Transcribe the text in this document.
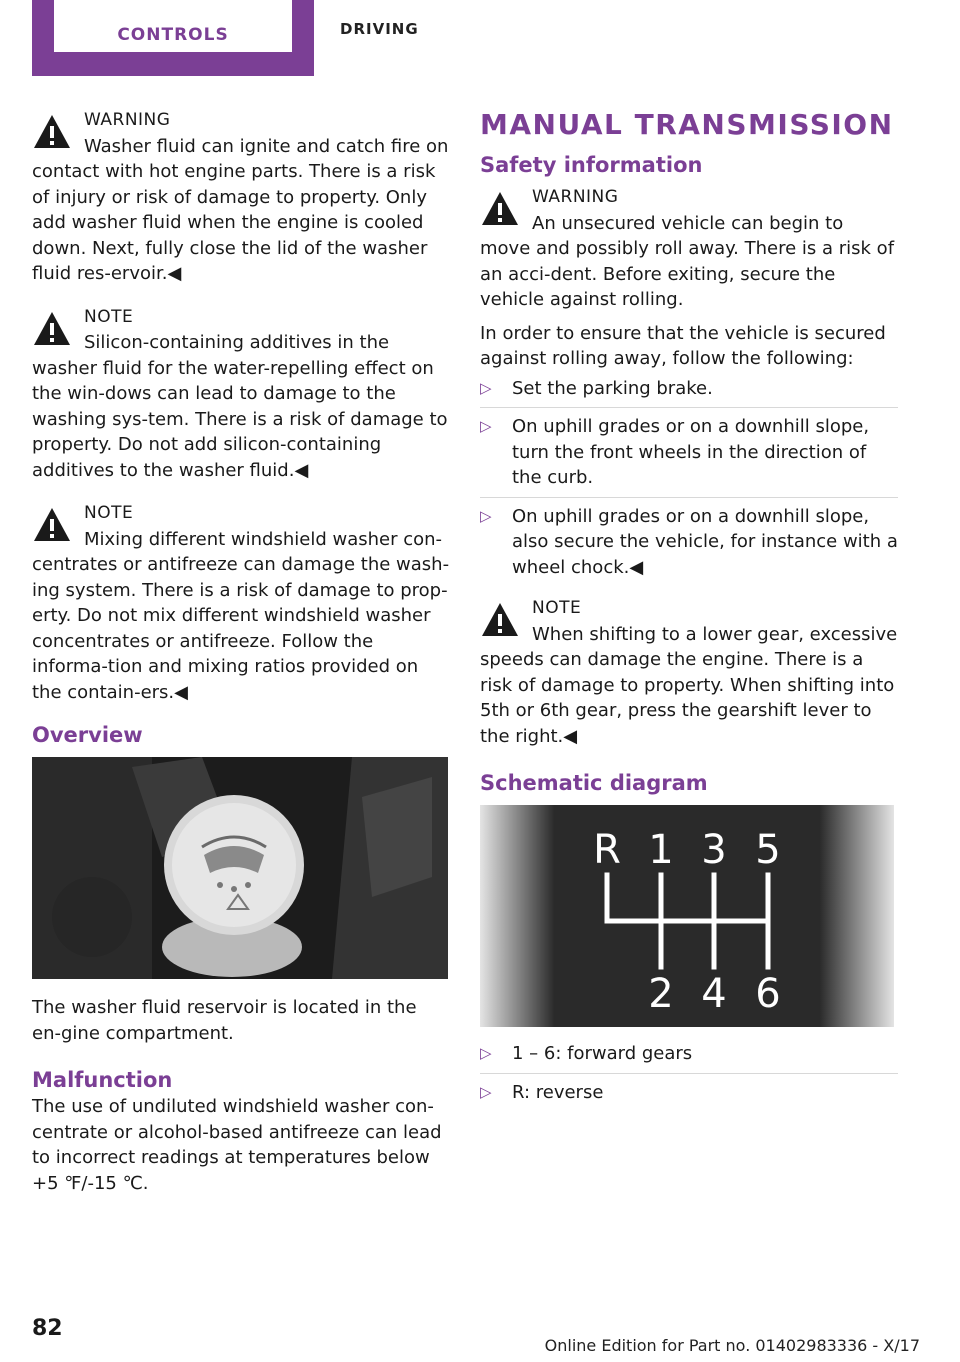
CONTROLS	DRIVING
WARNING
Washer fluid can ignite and catch fire on contact with hot engine parts. There is a risk of injury or risk of damage to property. Only add washer fluid when the engine is cooled down. Next, fully close the lid of the washer fluid res-ervoir.◀
NOTE
Silicon-containing additives in the washer fluid for the water-repelling effect on the win-dows can lead to damage to the washing sys-tem. There is a risk of damage to property. Do not add silicon-containing additives to the washer fluid.◀
NOTE
Mixing different windshield washer con-centrates or antifreeze can damage the wash-ing system. There is a risk of damage to prop-erty. Do not mix different windshield washer concentrates or antifreeze. Follow the informa-tion and mixing ratios provided on the contain-ers.◀
Overview

The washer fluid reservoir is located in the en-gine compartment.

Malfunction

The use of undiluted windshield washer con-centrate or alcohol-based antifreeze can lead to incorrect readings at temperatures below +5 ℉/-15 ℃.

MANUAL TRANSMISSION
Safety information
WARNING
An unsecured vehicle can begin to move and possibly roll away. There is a risk of an acci-dent. Before exiting, secure the vehicle against rolling.

In order to ensure that the vehicle is secured against rolling away, follow the following:

▷ Set the parking brake.
▷ On uphill grades or on a downhill slope, turn the front wheels in the direction of the curb.
▷ On uphill grades or on a downhill slope, also secure the vehicle, for instance with a wheel chock.◀
NOTE
When shifting to a lower gear, excessive speeds can damage the engine. There is a risk of damage to property. When shifting into 5th or 6th gear, press the gearshift lever to the right.◀
Schematic diagram
R 1 3 5
2 4 6
▷ 1 – 6: forward gears
▷ R: reverse
82
Online Edition for Part no. 01402983336 - X/17
